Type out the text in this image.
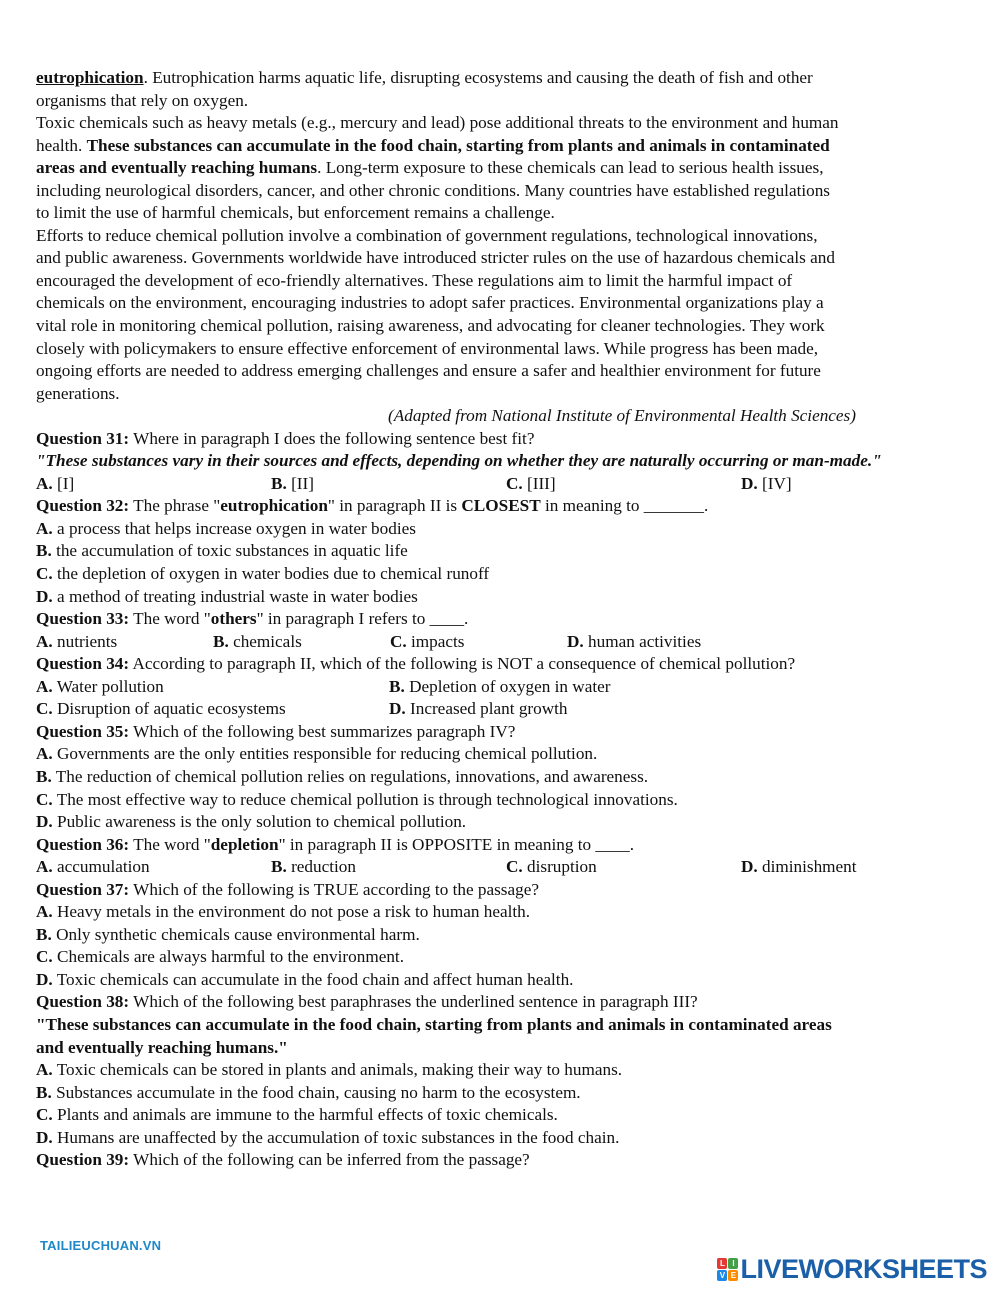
eutrophication. Eutrophication harms aquatic life, disrupting ecosystems and causing the death of fish and other
organisms that rely on oxygen.
Toxic chemicals such as heavy metals (e.g., mercury and lead) pose additional threats to the environment and human
health. These substances can accumulate in the food chain, starting from plants and animals in contaminated
areas and eventually reaching humans. Long-term exposure to these chemicals can lead to serious health issues,
including neurological disorders, cancer, and other chronic conditions. Many countries have established regulations
to limit the use of harmful chemicals, but enforcement remains a challenge.
Efforts to reduce chemical pollution involve a combination of government regulations, technological innovations,
and public awareness. Governments worldwide have introduced stricter rules on the use of hazardous chemicals and
encouraged the development of eco-friendly alternatives. These regulations aim to limit the harmful impact of
chemicals on the environment, encouraging industries to adopt safer practices. Environmental organizations play a
vital role in monitoring chemical pollution, raising awareness, and advocating for cleaner technologies. They work
closely with policymakers to ensure effective enforcement of environmental laws. While progress has been made,
ongoing efforts are needed to address emerging challenges and ensure a safer and healthier environment for future
generations.
(Adapted from National Institute of Environmental Health Sciences)
Question 31: Where in paragraph I does the following sentence best fit?
"These substances vary in their sources and effects, depending on whether they are naturally occurring or man-made."
A. [I]	B. [II]	C. [III]	D. [IV]
Question 32: The phrase "eutrophication" in paragraph II is CLOSEST in meaning to _______.
A. a process that helps increase oxygen in water bodies
B. the accumulation of toxic substances in aquatic life
C. the depletion of oxygen in water bodies due to chemical runoff
D. a method of treating industrial waste in water bodies
Question 33: The word "others" in paragraph I refers to ____.
A. nutrients	B. chemicals	C. impacts	D. human activities
Question 34: According to paragraph II, which of the following is NOT a consequence of chemical pollution?
A. Water pollution	B. Depletion of oxygen in water
C. Disruption of aquatic ecosystems	D. Increased plant growth
Question 35: Which of the following best summarizes paragraph IV?
A. Governments are the only entities responsible for reducing chemical pollution.
B. The reduction of chemical pollution relies on regulations, innovations, and awareness.
C. The most effective way to reduce chemical pollution is through technological innovations.
D. Public awareness is the only solution to chemical pollution.
Question 36: The word "depletion" in paragraph II is OPPOSITE in meaning to ____.
A. accumulation	B. reduction	C. disruption	D. diminishment
Question 37: Which of the following is TRUE according to the passage?
A. Heavy metals in the environment do not pose a risk to human health.
B. Only synthetic chemicals cause environmental harm.
C. Chemicals are always harmful to the environment.
D. Toxic chemicals can accumulate in the food chain and affect human health.
Question 38: Which of the following best paraphrases the underlined sentence in paragraph III?
"These substances can accumulate in the food chain, starting from plants and animals in contaminated areas
and eventually reaching humans."
A. Toxic chemicals can be stored in plants and animals, making their way to humans.
B. Substances accumulate in the food chain, causing no harm to the ecosystem.
C. Plants and animals are immune to the harmful effects of toxic chemicals.
D. Humans are unaffected by the accumulation of toxic substances in the food chain.
Question 39: Which of the following can be inferred from the passage?
TAILIEUCHUAN.VN
L I
V E LIVEWORKSHEETS
